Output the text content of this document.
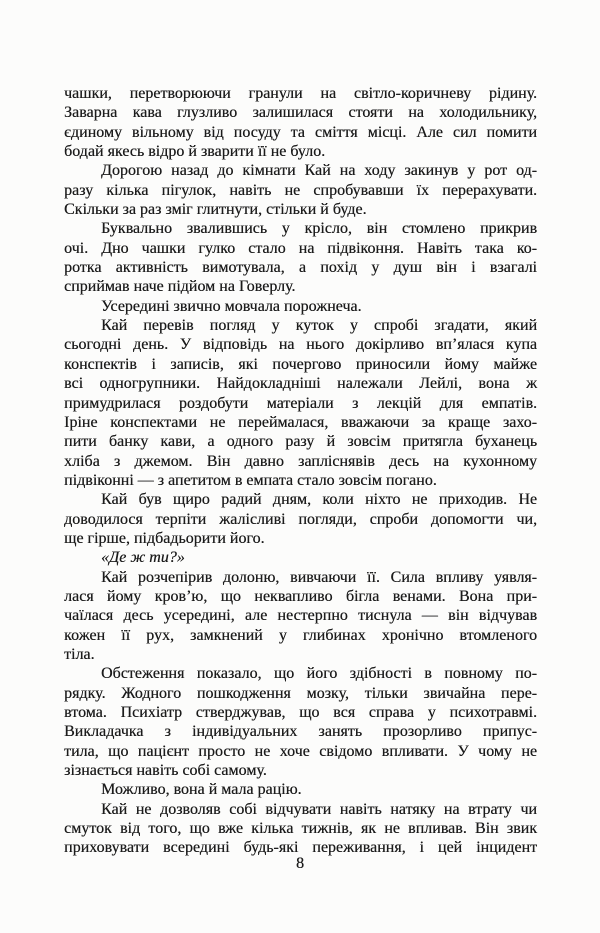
чашки, перетворюючи гранули на світло-коричневу рідину.
Заварна кава глузливо залишилася стояти на холодильнику,
єдиному вільному від посуду та сміття місці. Але сил помити
бодай якесь відро й зварити її не було.
Дорогою назад до кімнати Кай на ходу закинув у рот од-
разу кілька пігулок, навіть не спробувавши їх перерахувати.
Скільки за раз зміг глитнути, стільки й буде.
Буквально звалившись у крісло, він стомлено прикрив
очі. Дно чашки гулко стало на підвіконня. Навіть така ко-
ротка активність вимотувала, а похід у душ він і взагалі
сприймав наче підйом на Говерлу.
Усередині звично мовчала порожнеча.
Кай перевів погляд у куток у спробі згадати, який
сьогодні день. У відповідь на нього докірливо вп’ялася купа
конспектів і записів, які почергово приносили йому майже
всі одногрупники. Найдокладніші належали Лейлі, вона ж
примудрилася роздобути матеріали з лекцій для емпатів.
Іріне конспектами не переймалася, вважаючи за краще захо-
пити банку кави, а одного разу й зовсім притягла буханець
хліба з джемом. Він давно запліснявів десь на кухонному
підвіконні — з апетитом в емпата стало зовсім погано.
Кай був щиро радий дням, коли ніхто не приходив. Не
доводилося терпіти жалісливі погляди, спроби допомогти чи,
ще гірше, підбадьорити його.
«Де ж ти?»
Кай розчепірив долоню, вивчаючи її. Сила впливу уявля-
лася йому кров’ю, що неквапливо бігла венами. Вона при-
чаїлася десь усередині, але нестерпно тиснула — він відчував
кожен її рух, замкнений у глибинах хронічно втомленого
тіла.
Обстеження показало, що його здібності в повному по-
рядку. Жодного пошкодження мозку, тільки звичайна пере-
втома. Психіатр стверджував, що вся справа у психотравмі.
Викладачка з індивідуальних занять прозорливо припус-
тила, що пацієнт просто не хоче свідомо впливати. У чому не
зізнається навіть собі самому.
Можливо, вона й мала рацію.
Кай не дозволяв собі відчувати навіть натяку на втрату чи
смуток від того, що вже кілька тижнів, як не впливав. Він звик
приховувати всередині будь-які переживання, і цей інцидент
8
